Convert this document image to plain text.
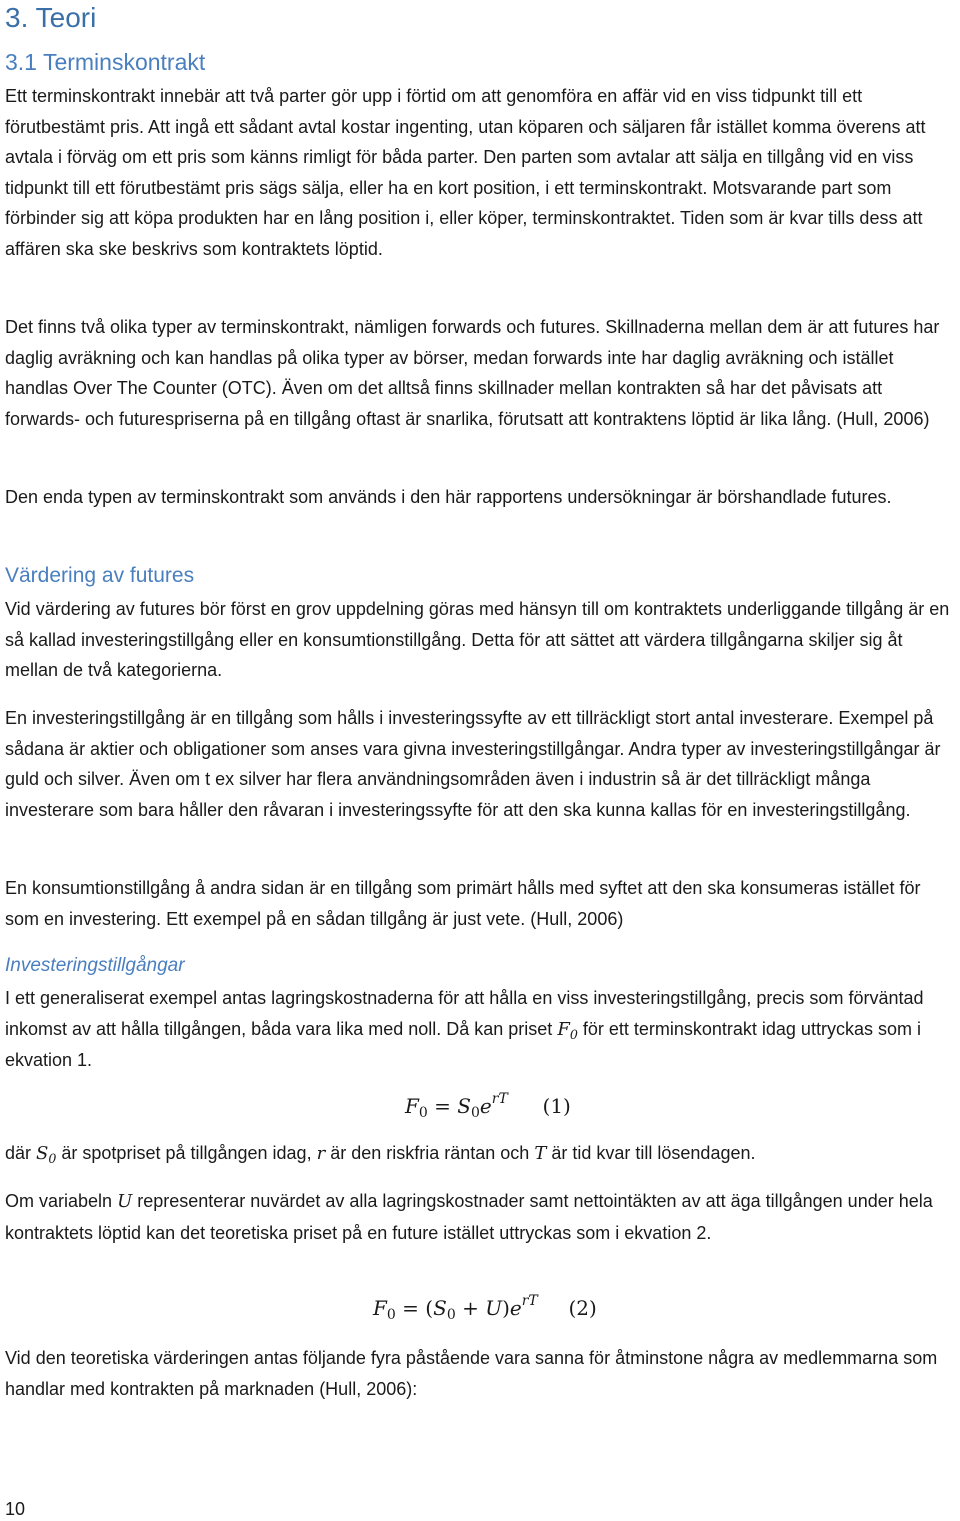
3. Teori
3.1 Terminskontrakt

Ett terminskontrakt innebär att två parter gör upp i förtid om att genomföra en affär vid en viss tidpunkt till ett förutbestämt pris. Att ingå ett sådant avtal kostar ingenting, utan köparen och säljaren får istället komma överens att avtala i förväg om ett pris som känns rimligt för båda parter. Den parten som avtalar att sälja en tillgång vid en viss tidpunkt till ett förutbestämt pris sägs sälja, eller ha en kort position, i ett terminskontrakt. Motsvarande part som förbinder sig att köpa produkten har en lång position i, eller köper, terminskontraktet. Tiden som är kvar tills dess att affären ska ske beskrivs som kontraktets löptid.

Det finns två olika typer av terminskontrakt, nämligen forwards och futures. Skillnaderna mellan dem är att futures har daglig avräkning och kan handlas på olika typer av börser, medan forwards inte har daglig avräkning och istället handlas Over The Counter (OTC). Även om det alltså finns skillnader mellan kontrakten så har det påvisats att forwards- och futurespriserna på en tillgång oftast är snarlika, förutsatt att kontraktens löptid är lika lång. (Hull, 2006)

Den enda typen av terminskontrakt som används i den här rapportens undersökningar är börshandlade futures.

Värdering av futures

Vid värdering av futures bör först en grov uppdelning göras med hänsyn till om kontraktets underliggande tillgång är en så kallad investeringstillgång eller en konsumtionstillgång. Detta för att sättet att värdera tillgångarna skiljer sig åt mellan de två kategorierna.

En investeringstillgång är en tillgång som hålls i investeringssyfte av ett tillräckligt stort antal investerare. Exempel på sådana är aktier och obligationer som anses vara givna investeringstillgångar. Andra typer av investeringstillgångar är guld och silver. Även om t ex silver har flera användningsområden även i industrin så är det tillräckligt många investerare som bara håller den råvaran i investeringssyfte för att den ska kunna kallas för en investeringstillgång.

En konsumtionstillgång å andra sidan är en tillgång som primärt hålls med syftet att den ska konsumeras istället för som en investering. Ett exempel på en sådan tillgång är just vete. (Hull, 2006)

Investeringstillgångar

I ett generaliserat exempel antas lagringskostnaderna för att hålla en viss investeringstillgång, precis som förväntad inkomst av att hålla tillgången, båda vara lika med noll. Då kan priset $F_0$ för ett terminskontrakt idag uttryckas som i ekvation 1.

$F_0 = S_0e^{rT}$ (1)

där $S_0$ är spotpriset på tillgången idag, r är den riskfria räntan och T är tid kvar till lösendagen.

Om variabeln U representerar nuvärdet av alla lagringskostnader samt nettointäkten av att äga tillgången under hela kontraktets löptid kan det teoretiska priset på en future istället uttryckas som i ekvation 2.

$F_0 = (S_0 + U)e^{rT}$ (2)

Vid den teoretiska värderingen antas följande fyra påstående vara sanna för åtminstone några av medlemmarna som handlar med kontrakten på marknaden (Hull, 2006):

10
